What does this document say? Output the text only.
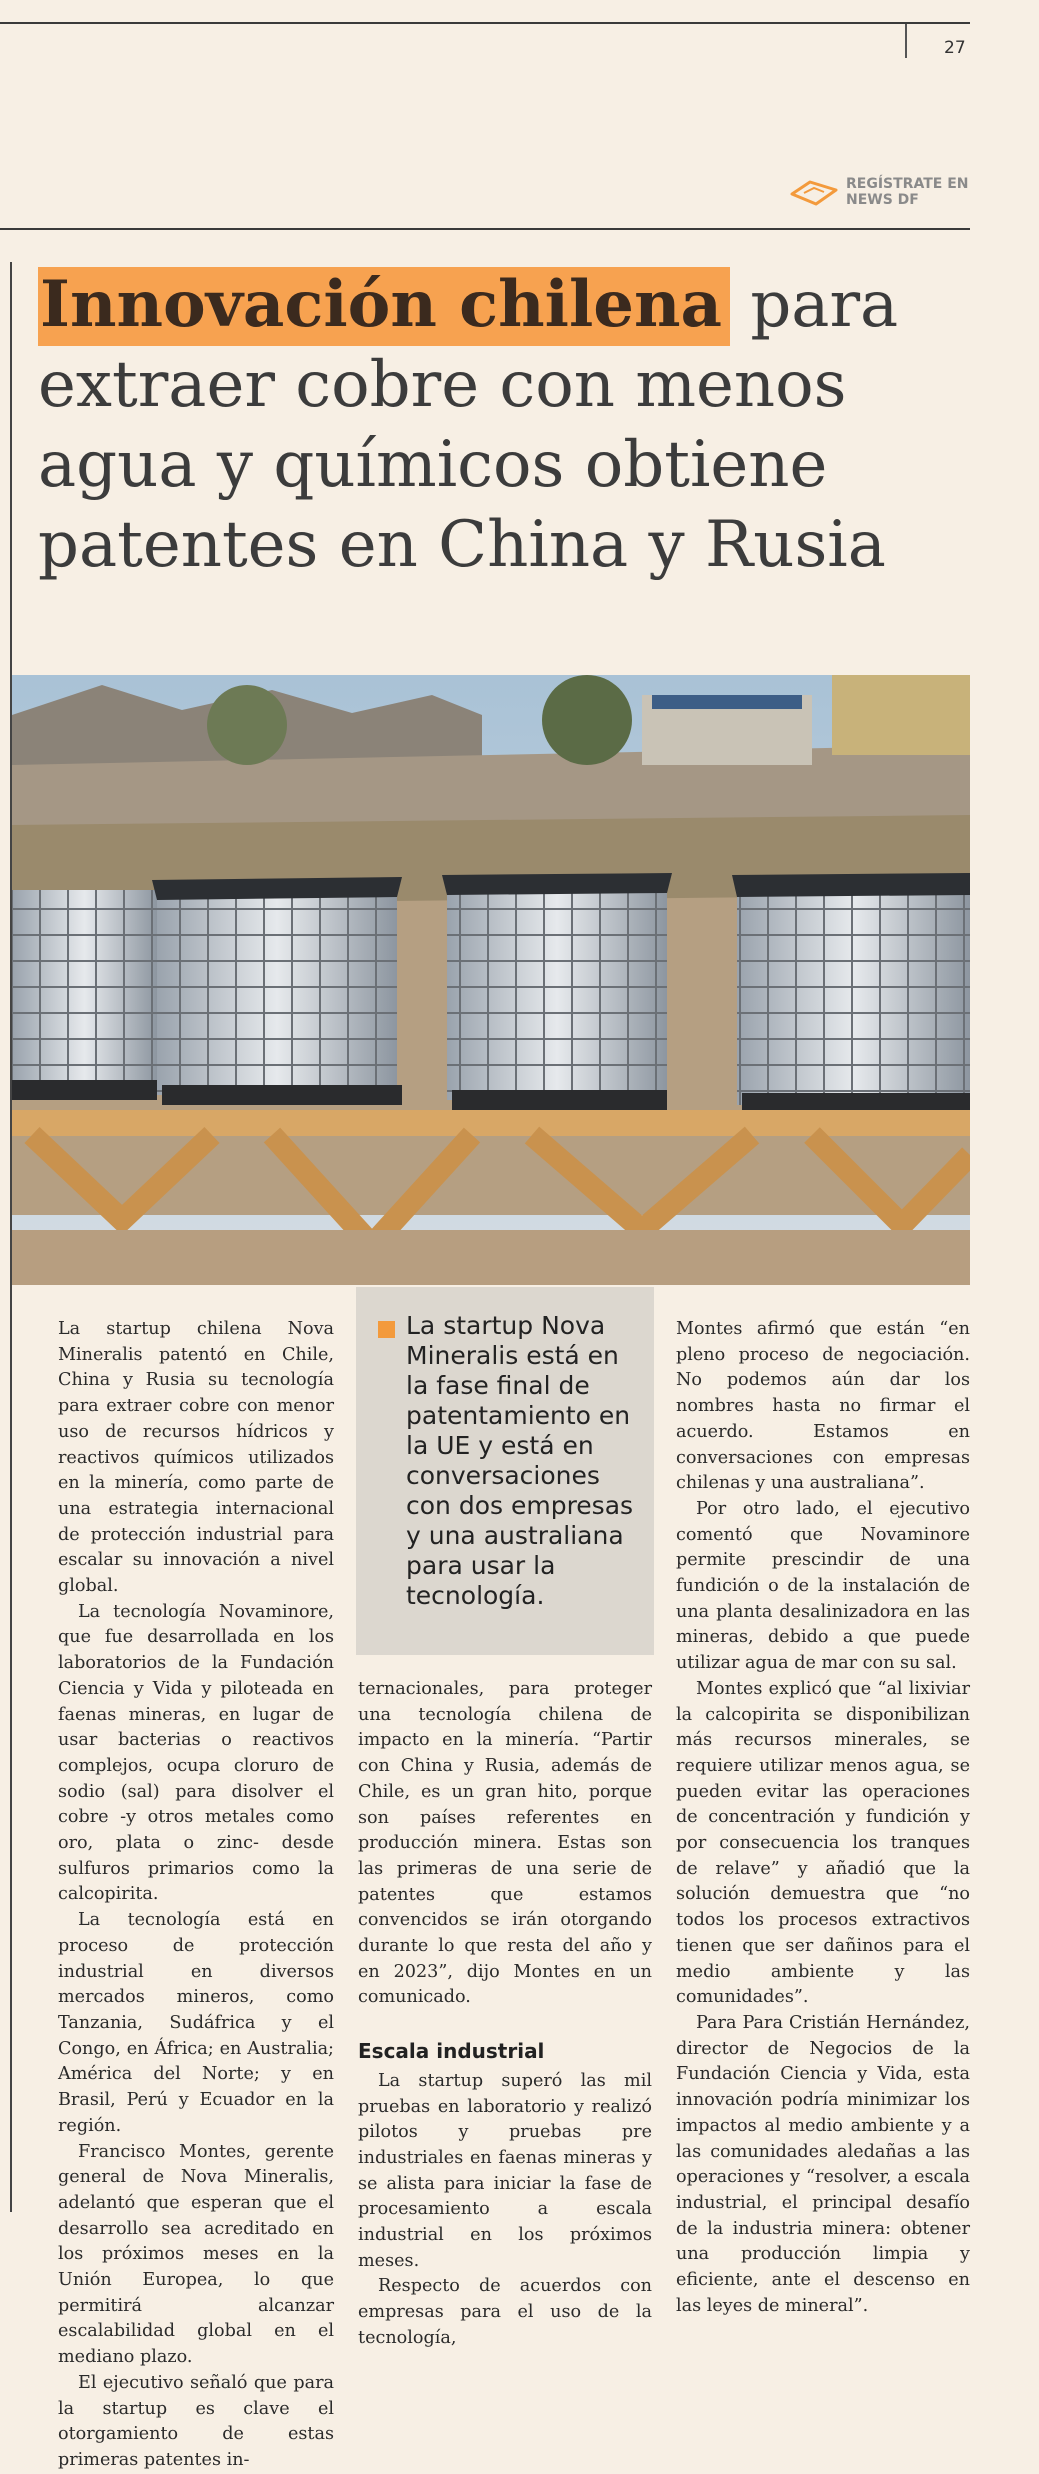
27
REGÍSTRATE EN NEWS DF
Innovación chilena para extraer cobre con menos agua y químicos obtiene patentes en China y Rusia
La startup Nova Mineralis está en la fase final de patentamiento en la UE y está en conversaciones con dos empresas y una australiana para usar la tecnología.

La startup chilena Nova Mineralis patentó en Chile, China y Rusia su tecnología para extraer cobre con menor uso de recursos hídricos y reactivos químicos utilizados en la minería, como parte de una estrategia internacional de protección industrial para escalar su innovación a nivel global.

La tecnología Novaminore, que fue desarrollada en los laboratorios de la Fundación Ciencia y Vida y piloteada en faenas mineras, en lugar de usar bacterias o reactivos complejos, ocupa cloruro de sodio (sal) para disolver el cobre -y otros metales como oro, plata o zinc- desde sulfuros primarios como la calcopirita.

La tecnología está en proceso de protección industrial en diversos mercados mineros, como Tanzania, Sudáfrica y el Congo, en África; en Australia; América del Norte; y en Brasil, Perú y Ecuador en la región.

Francisco Montes, gerente general de Nova Mineralis, adelantó que esperan que el desarrollo sea acreditado en los próximos meses en la Unión Europea, lo que permitirá alcanzar escalabilidad global en el mediano plazo.

El ejecutivo señaló que para la startup es clave el otorgamiento de estas primeras patentes in-

ternacionales, para proteger una tecnología chilena de impacto en la minería. “Partir con China y Rusia, además de Chile, es un gran hito, porque son países referentes en producción minera. Estas son las primeras de una serie de patentes que estamos convencidos se irán otorgando durante lo que resta del año y en 2023”, dijo Montes en un comunicado.

Escala industrial

La startup superó las mil pruebas en laboratorio y realizó pilotos y pruebas pre industriales en faenas mineras y se alista para iniciar la fase de procesamiento a escala industrial en los próximos meses.

Respecto de acuerdos con empresas para el uso de la tecnología,

Montes afirmó que están “en pleno proceso de negociación. No podemos aún dar los nombres hasta no firmar el acuerdo. Estamos en conversaciones con empresas chilenas y una australiana”.

Por otro lado, el ejecutivo comentó que Novaminore permite prescindir de una fundición o de la instalación de una planta desalinizadora en las mineras, debido a que puede utilizar agua de mar con su sal.

Montes explicó que “al lixiviar la calcopirita se disponibilizan más recursos minerales, se requiere utilizar menos agua, se pueden evitar las operaciones de concentración y fundición y por consecuencia los tranques de relave” y añadió que la solución demuestra que “no todos los procesos extractivos tienen que ser dañinos para el medio ambiente y las comunidades”.

Para Para Cristián Hernández, director de Negocios de la Fundación Ciencia y Vida, esta innovación podría minimizar los impactos al medio ambiente y a las comunidades aledañas a las operaciones y “resolver, a escala industrial, el principal desafío de la industria minera: obtener una producción limpia y eficiente, ante el descenso en las leyes de mineral”.
